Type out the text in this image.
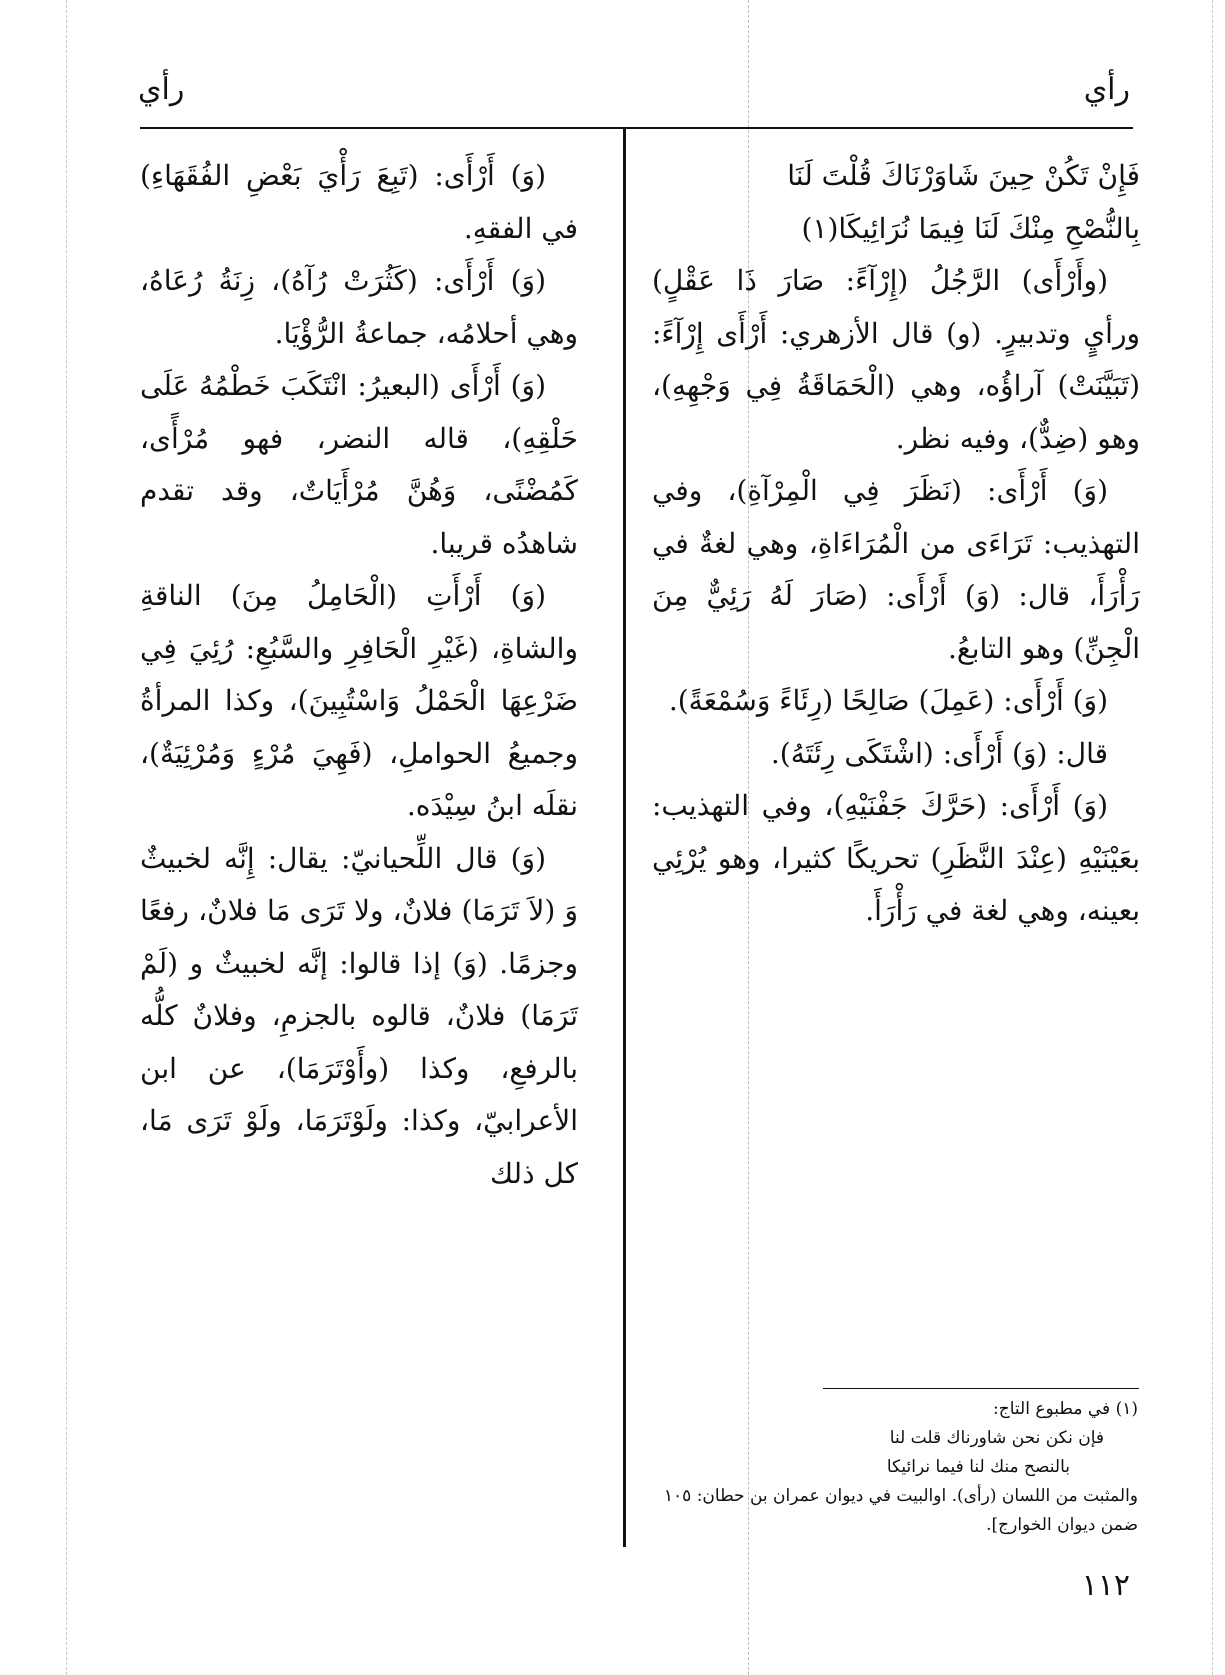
رأي	رأي

فَإِنْ تَكُنْ حِينَ شَاوَرْنَاكَ قُلْتَ لَنَا

بِالنُّصْحِ مِنْكَ لَنَا فِيمَا نُرَائِيكَا(١)

(وأَرْأَى) الرَّجُلُ (إِرْآءً: صَارَ ذَا عَقْلٍ) ورأيٍ وتدبيرٍ. (و) قال الأزهري: أَرْأَى إِرْآءً: (تَبَيَّنَتْ) آراؤُه، وهي (الْحَمَاقَةُ فِي وَجْهِهِ)، وهو (ضِدٌّ)، وفيه نظر.

(وَ) أَرْأَى: (نَظَرَ فِي الْمِرْآةِ)، وفي التهذيب: تَرَاءَى من الْمُرَاءَاةِ، وهي لغةٌ في رَأْرَأَ، قال: (وَ) أَرْأَى: (صَارَ لَهُ رَئِيٌّ مِنَ الْجِنِّ) وهو التابعُ.

(وَ) أَرْأَى: (عَمِلَ) صَالِحًا (رِئَاءً وَسُمْعَةً).

قال: (وَ) أَرْأَى: (اشْتَكَى رِئَتَهُ).

(وَ) أَرْأَى: (حَرَّكَ جَفْنَيْهِ)، وفي التهذيب: بعَيْنَيْهِ (عِنْدَ النَّظَرِ) تحريكًا كثيرا، وهو يُرْئِي بعينه، وهي لغة في رَأْرَأَ.

(وَ) أَرْأَى: (تَبِعَ رَأْيَ بَعْضِ الفُقَهَاءِ) في الفقهِ.

(وَ) أَرْأَى: (كَثُرَتْ رُآهُ)، زِنَةُ رُعَاهُ، وهي أحلامُه، جماعةُ الرُّؤْيَا.

(وَ) أَرْأَى (البعيرُ: انْتَكَبَ خَطْمُهُ عَلَى حَلْقِهِ)، قاله النضر، فهو مُرْأًى، كَمُضْنًى، وَهُنَّ مُرْأَيَاتٌ، وقد تقدم شاهدُه قريبا.

(وَ) أَرْأَتِ (الْحَامِلُ مِنَ) الناقةِ والشاةِ، (غَيْرِ الْحَافِرِ والسَّبُعِ: رُئِيَ فِي ضَرْعِهَا الْحَمْلُ وَاسْتُبِينَ)، وكذا المرأةُ وجميعُ الحواملِ، (فَهِيَ مُرْءٍ وَمُرْئِيَةٌ)، نقلَه ابنُ سِيْدَه.

(وَ) قال اللِّحيانيّ: يقال: إِنَّه لخبيثٌ وَ (لاَ تَرَمَا) فلانٌ، ولا تَرَى مَا فلانٌ، رفعًا وجزمًا. (وَ) إذا قالوا: إنَّه لخبيثٌ و (لَمْ تَرَمَا) فلانٌ، قالوه بالجزمِ، وفلانٌ كلُّه بالرفعِ، وكذا (وأَوْتَرَمَا)، عن ابن الأعرابيّ، وكذا: ولَوْتَرَمَا، ولَوْ تَرَى مَا، كل ذلك

(١) في مطبوع التاج:

فإن نكن نحن شاورناك قلت لنا

بالنصح منك لنا فيما نرائيكا

والمثبت من اللسان (رأى). اوالبيت في ديوان عمران بن حطان: ١٠٥ ضمن ديوان الخوارج].

١١٢
